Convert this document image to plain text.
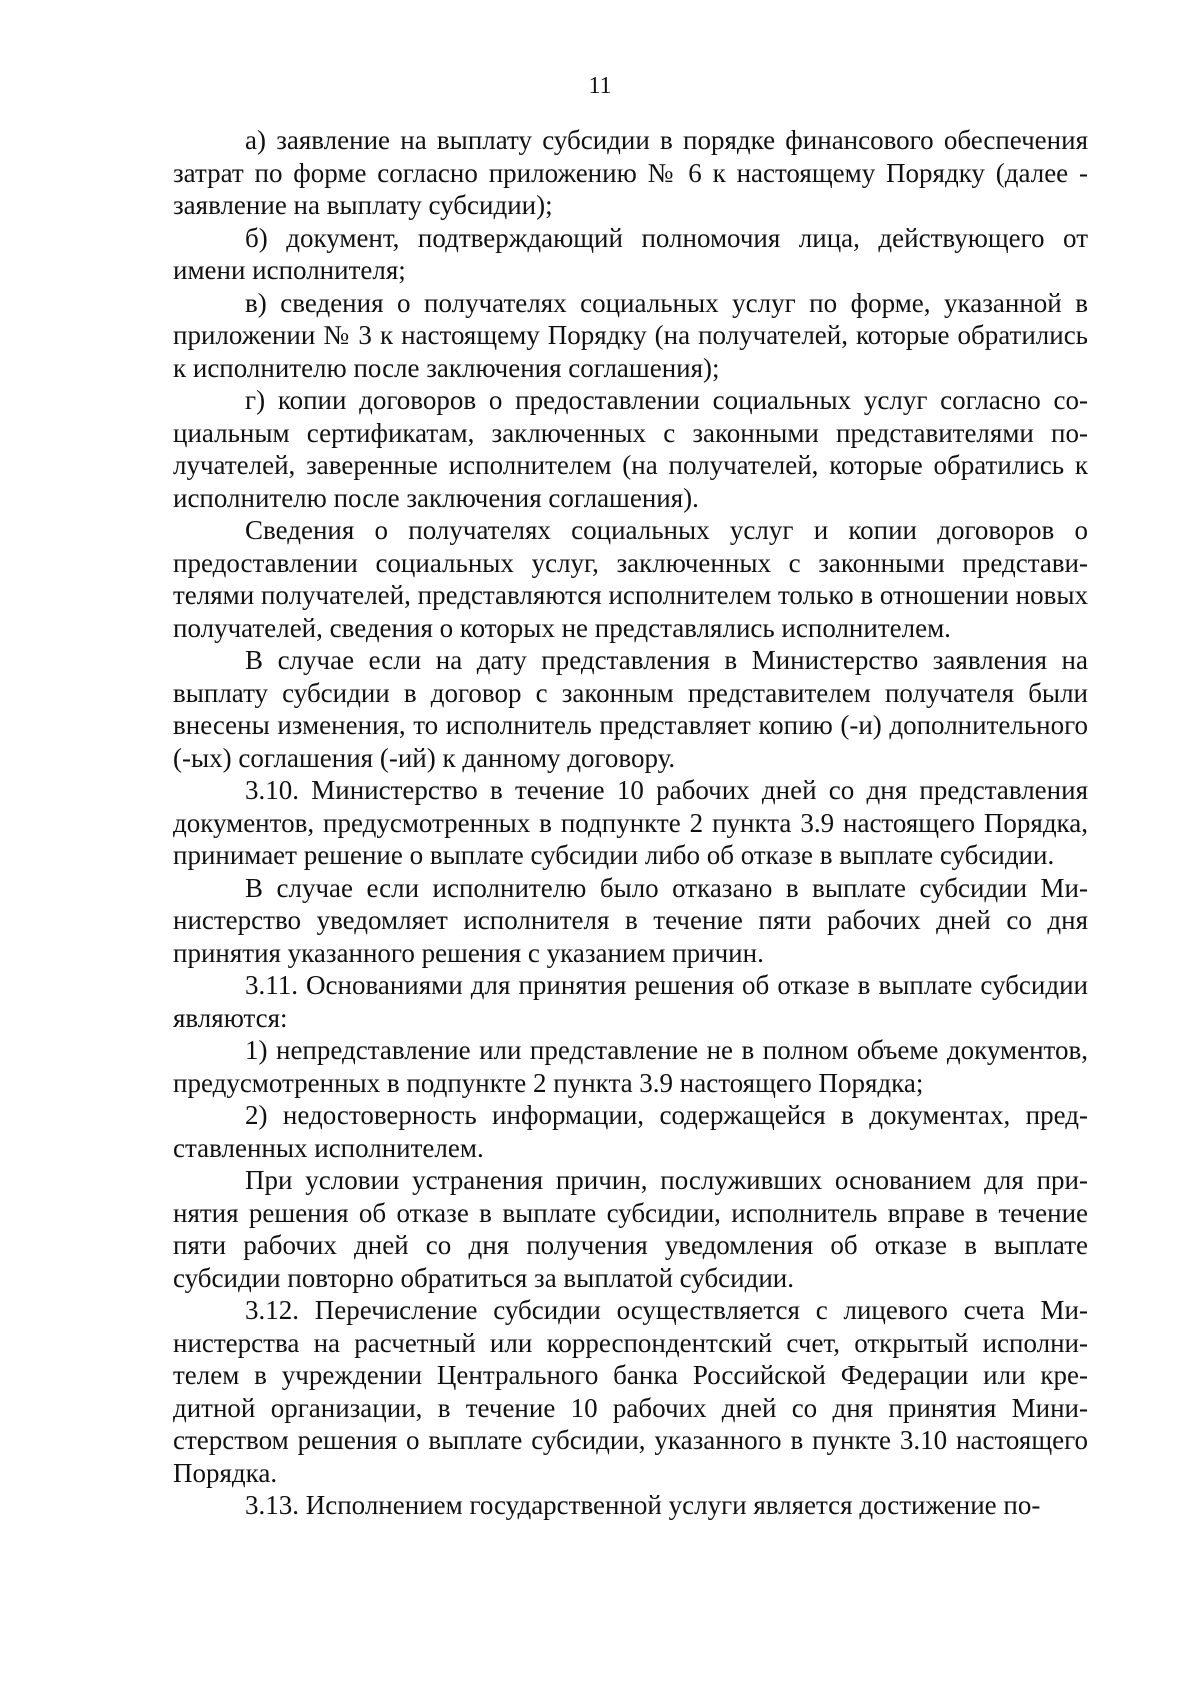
11

а) заявление на выплату субсидии в порядке финансового обеспечения затрат по форме согласно приложению № 6 к настоящему Порядку (далее - заявление на выплату субсидии);

б) документ, подтверждающий полномочия лица, действующего от имени исполнителя;

в) сведения о получателях социальных услуг по форме, указанной в приложении № 3 к настоящему Порядку (на получателей, которые обратились к исполнителю после заключения соглашения);

г) копии договоров о предоставлении социальных услуг согласно социальным сертификатам, заключенных с законными представителями получателей, заверенные исполнителем (на получателей, которые обратились к исполнителю после заключения соглашения).

Сведения о получателях социальных услуг и копии договоров о предоставлении социальных услуг, заключенных с законными представителями получателей, представляются исполнителем только в отношении новых получателей, сведения о которых не представлялись исполнителем.

В случае если на дату представления в Министерство заявления на выплату субсидии в договор с законным представителем получателя были внесены изменения, то исполнитель представляет копию (-и) дополнительного (-ых) соглашения (-ий) к данному договору.

3.10. Министерство в течение 10 рабочих дней со дня представления документов, предусмотренных в подпункте 2 пункта 3.9 настоящего Порядка, принимает решение о выплате субсидии либо об отказе в выплате субсидии.

В случае если исполнителю было отказано в выплате субсидии Министерство уведомляет исполнителя в течение пяти рабочих дней со дня принятия указанного решения с указанием причин.

3.11. Основаниями для принятия решения об отказе в выплате субсидии являются:

1) непредставление или представление не в полном объеме документов, предусмотренных в подпункте 2 пункта 3.9 настоящего Порядка;

2) недостоверность информации, содержащейся в документах, представленных исполнителем.

При условии устранения причин, послуживших основанием для принятия решения об отказе в выплате субсидии, исполнитель вправе в течение пяти рабочих дней со дня получения уведомления об отказе в выплате субсидии повторно обратиться за выплатой субсидии.

3.12. Перечисление субсидии осуществляется с лицевого счета Министерства на расчетный или корреспондентский счет, открытый исполнителем в учреждении Центрального банка Российской Федерации или кредитной организации, в течение 10 рабочих дней со дня принятия Министерством решения о выплате субсидии, указанного в пункте 3.10 настоящего Порядка.

3.13. Исполнением государственной услуги является достижение по-
